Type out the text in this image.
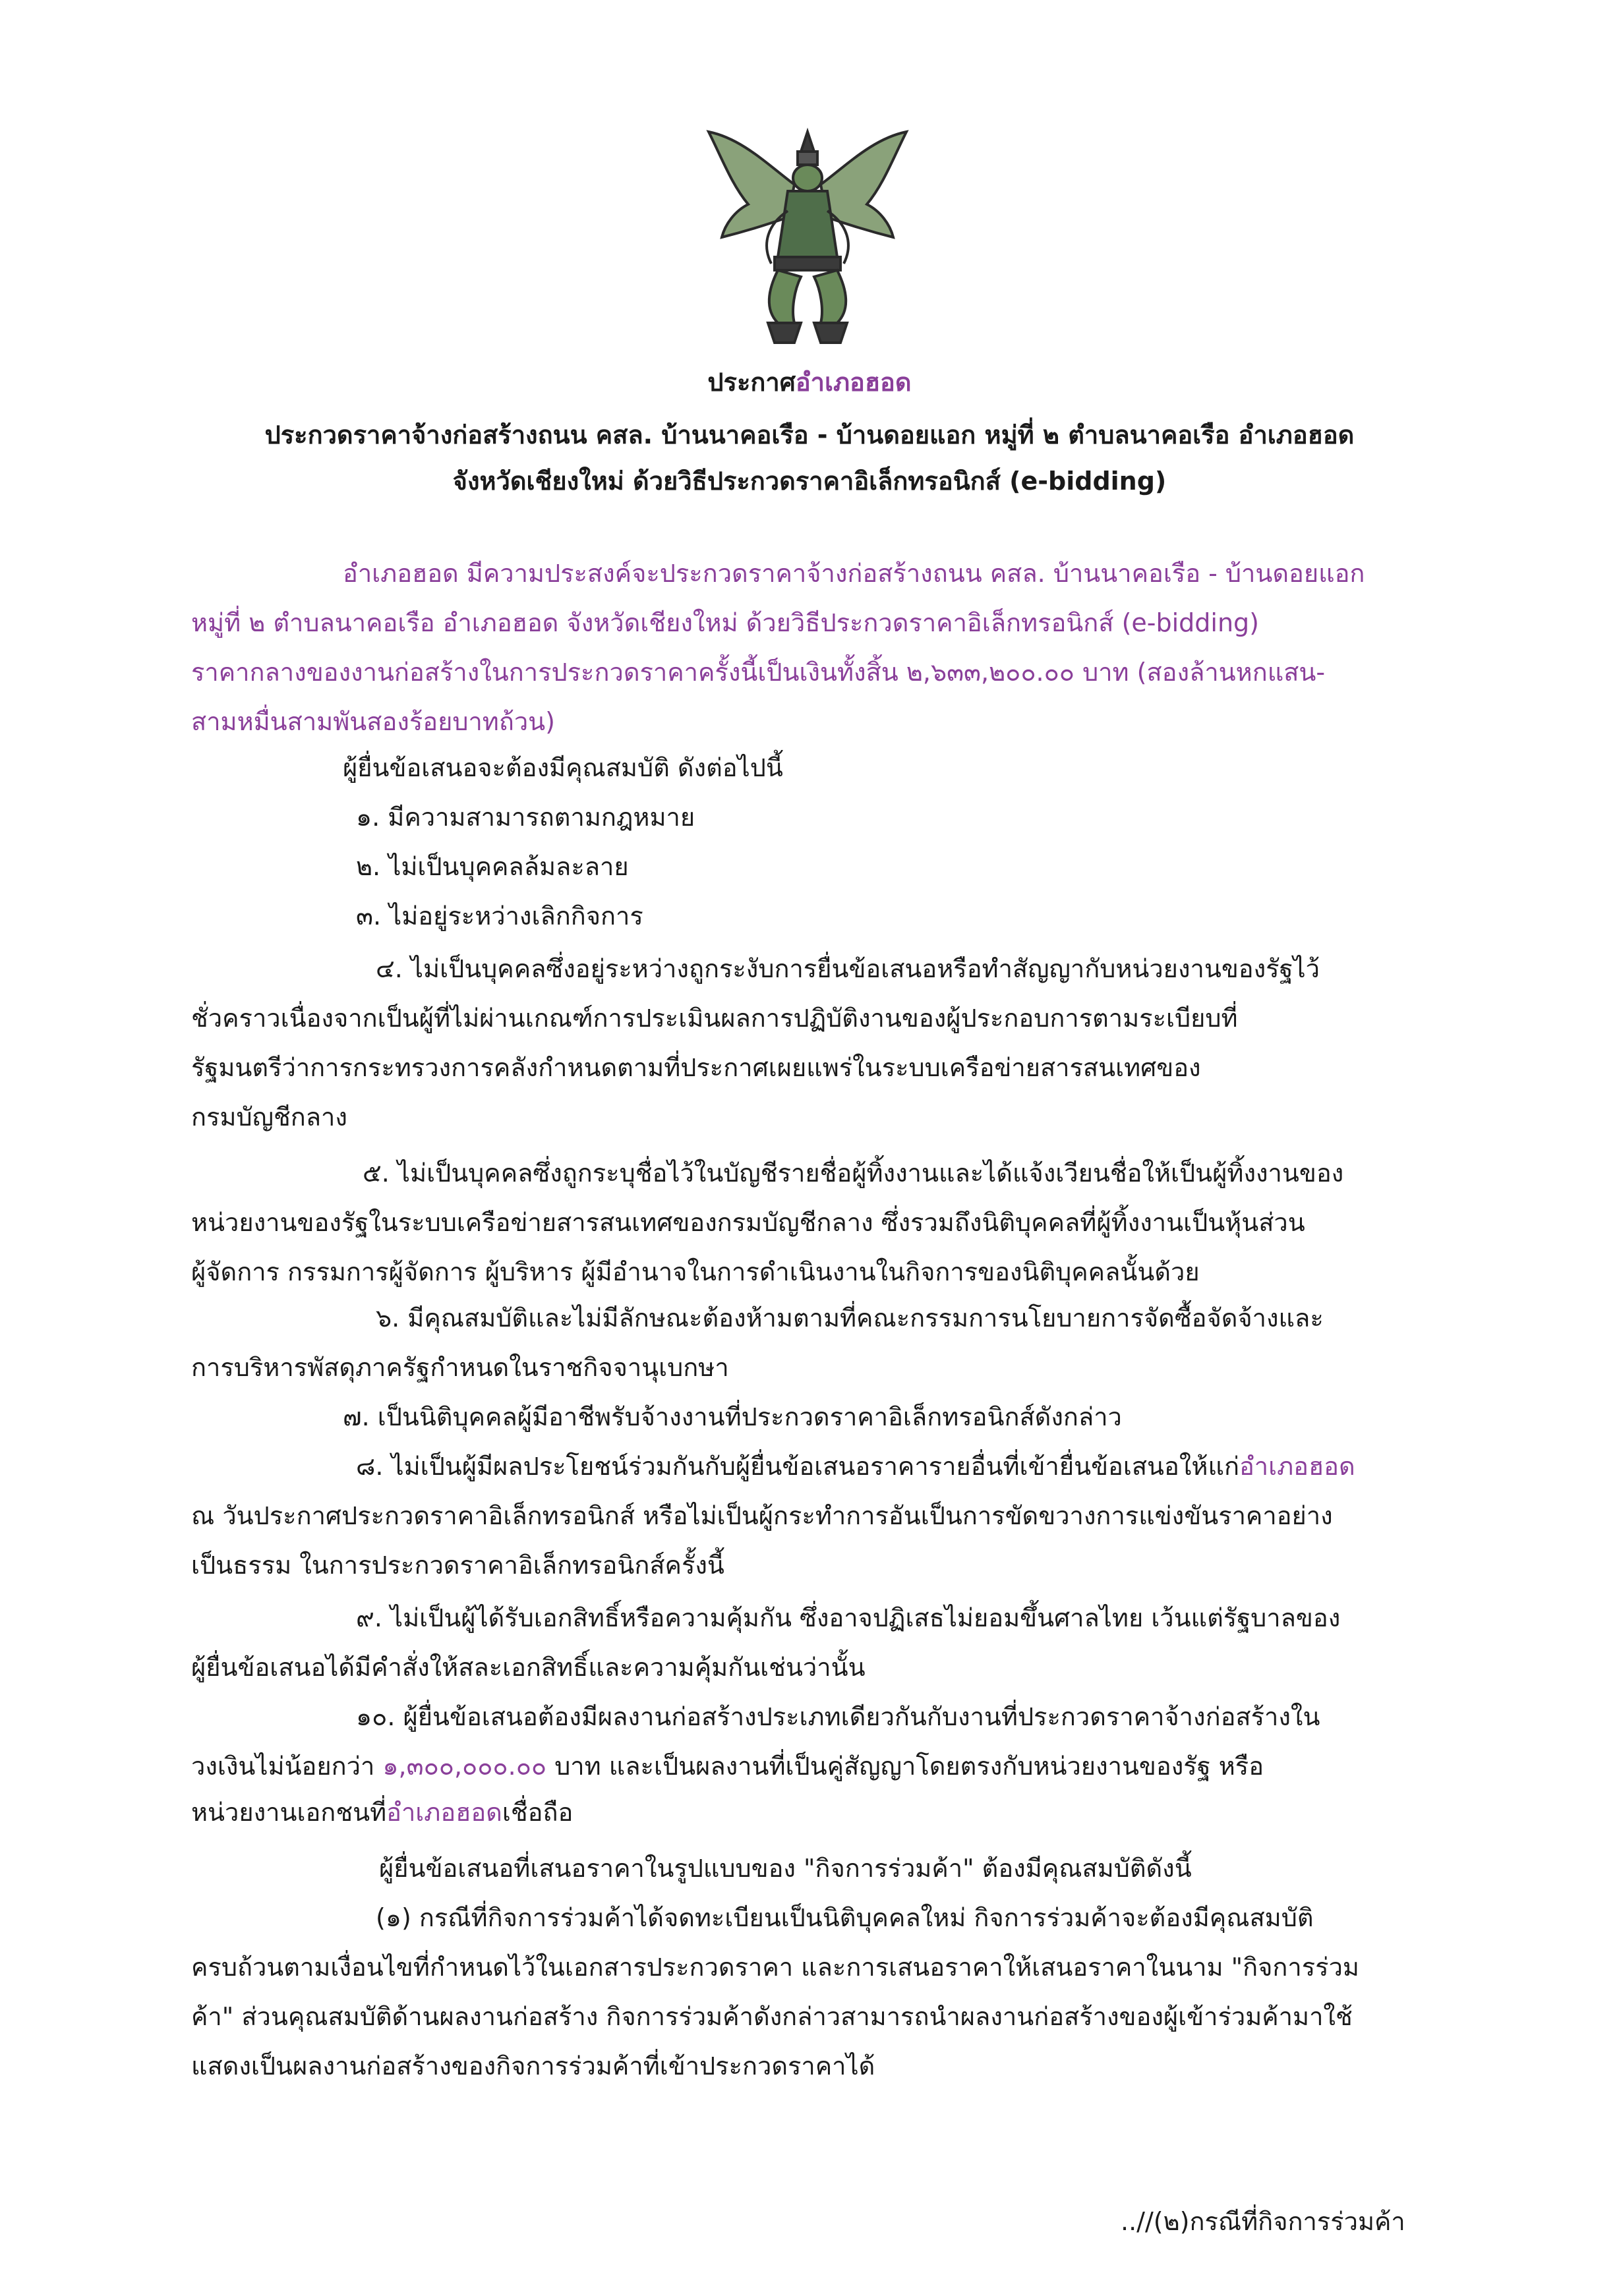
ประกาศอำเภอฮอด
ประกวดราคาจ้างก่อสร้างถนน คสล. บ้านนาคอเรือ - บ้านดอยแอก หมู่ที่ ๒ ตำบลนาคอเรือ อำเภอฮอด
จังหวัดเชียงใหม่ ด้วยวิธีประกวดราคาอิเล็กทรอนิกส์ (e-bidding)
อำเภอฮอด มีความประสงค์จะประกวดราคาจ้างก่อสร้างถนน คสล. บ้านนาคอเรือ - บ้านดอยแอก
หมู่ที่ ๒ ตำบลนาคอเรือ อำเภอฮอด จังหวัดเชียงใหม่ ด้วยวิธีประกวดราคาอิเล็กทรอนิกส์ (e-bidding)
ราคากลางของงานก่อสร้างในการประกวดราคาครั้งนี้เป็นเงินทั้งสิ้น ๒,๖๓๓,๒๐๐.๐๐ บาท (สองล้านหกแสน-
สามหมื่นสามพันสองร้อยบาทถ้วน)
ผู้ยื่นข้อเสนอจะต้องมีคุณสมบัติ ดังต่อไปนี้
๑. มีความสามารถตามกฎหมาย
๒. ไม่เป็นบุคคลล้มละลาย
๓. ไม่อยู่ระหว่างเลิกกิจการ
๔. ไม่เป็นบุคคลซึ่งอยู่ระหว่างถูกระงับการยื่นข้อเสนอหรือทำสัญญากับหน่วยงานของรัฐไว้
ชั่วคราวเนื่องจากเป็นผู้ที่ไม่ผ่านเกณฑ์การประเมินผลการปฏิบัติงานของผู้ประกอบการตามระเบียบที่
รัฐมนตรีว่าการกระทรวงการคลังกำหนดตามที่ประกาศเผยแพร่ในระบบเครือข่ายสารสนเทศของ
กรมบัญชีกลาง
๕. ไม่เป็นบุคคลซึ่งถูกระบุชื่อไว้ในบัญชีรายชื่อผู้ทิ้งงานและได้แจ้งเวียนชื่อให้เป็นผู้ทิ้งงานของ
หน่วยงานของรัฐในระบบเครือข่ายสารสนเทศของกรมบัญชีกลาง ซึ่งรวมถึงนิติบุคคลที่ผู้ทิ้งงานเป็นหุ้นส่วน
ผู้จัดการ กรรมการผู้จัดการ ผู้บริหาร ผู้มีอำนาจในการดำเนินงานในกิจการของนิติบุคคลนั้นด้วย
๖. มีคุณสมบัติและไม่มีลักษณะต้องห้ามตามที่คณะกรรมการนโยบายการจัดซื้อจัดจ้างและ
การบริหารพัสดุภาครัฐกำหนดในราชกิจจานุเบกษา
๗. เป็นนิติบุคคลผู้มีอาชีพรับจ้างงานที่ประกวดราคาอิเล็กทรอนิกส์ดังกล่าว
๘. ไม่เป็นผู้มีผลประโยชน์ร่วมกันกับผู้ยื่นข้อเสนอราคารายอื่นที่เข้ายื่นข้อเสนอให้แก่อำเภอฮอด
ณ วันประกาศประกวดราคาอิเล็กทรอนิกส์ หรือไม่เป็นผู้กระทำการอันเป็นการขัดขวางการแข่งขันราคาอย่าง
เป็นธรรม ในการประกวดราคาอิเล็กทรอนิกส์ครั้งนี้
๙. ไม่เป็นผู้ได้รับเอกสิทธิ์หรือความคุ้มกัน ซึ่งอาจปฏิเสธไม่ยอมขึ้นศาลไทย เว้นแต่รัฐบาลของ
ผู้ยื่นข้อเสนอได้มีคำสั่งให้สละเอกสิทธิ์และความคุ้มกันเช่นว่านั้น
๑๐. ผู้ยื่นข้อเสนอต้องมีผลงานก่อสร้างประเภทเดียวกันกับงานที่ประกวดราคาจ้างก่อสร้างใน
วงเงินไม่น้อยกว่า ๑,๓๐๐,๐๐๐.๐๐ บาท และเป็นผลงานที่เป็นคู่สัญญาโดยตรงกับหน่วยงานของรัฐ หรือ
หน่วยงานเอกชนที่อำเภอฮอดเชื่อถือ
ผู้ยื่นข้อเสนอที่เสนอราคาในรูปแบบของ "กิจการร่วมค้า" ต้องมีคุณสมบัติดังนี้
(๑) กรณีที่กิจการร่วมค้าได้จดทะเบียนเป็นนิติบุคคลใหม่ กิจการร่วมค้าจะต้องมีคุณสมบัติ
ครบถ้วนตามเงื่อนไขที่กำหนดไว้ในเอกสารประกวดราคา และการเสนอราคาให้เสนอราคาในนาม "กิจการร่วม
ค้า" ส่วนคุณสมบัติด้านผลงานก่อสร้าง กิจการร่วมค้าดังกล่าวสามารถนำผลงานก่อสร้างของผู้เข้าร่วมค้ามาใช้
แสดงเป็นผลงานก่อสร้างของกิจการร่วมค้าที่เข้าประกวดราคาได้
..//(๒)กรณีที่กิจการร่วมค้า
